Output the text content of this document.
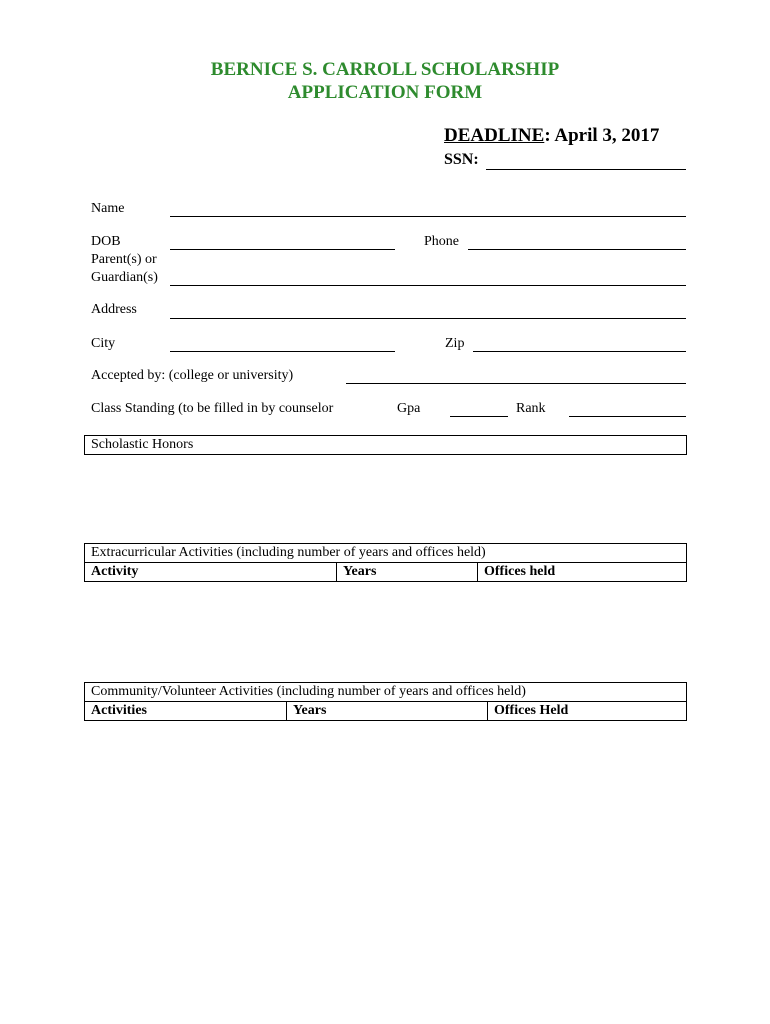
BERNICE S. CARROLL SCHOLARSHIP
APPLICATION FORM
DEADLINE: April 3, 2017
SSN:
Name
DOB	Phone
Parent(s) or
Guardian(s)
Address
City	Zip
Accepted by: (college or university)
Class Standing (to be filled in by counselor	Gpa	Rank
Scholastic Honors
Extracurricular Activities (including number of years and offices held)
Activity	Years	Offices held
Community/Volunteer Activities (including number of years and offices held)
Activities	Years	Offices Held
